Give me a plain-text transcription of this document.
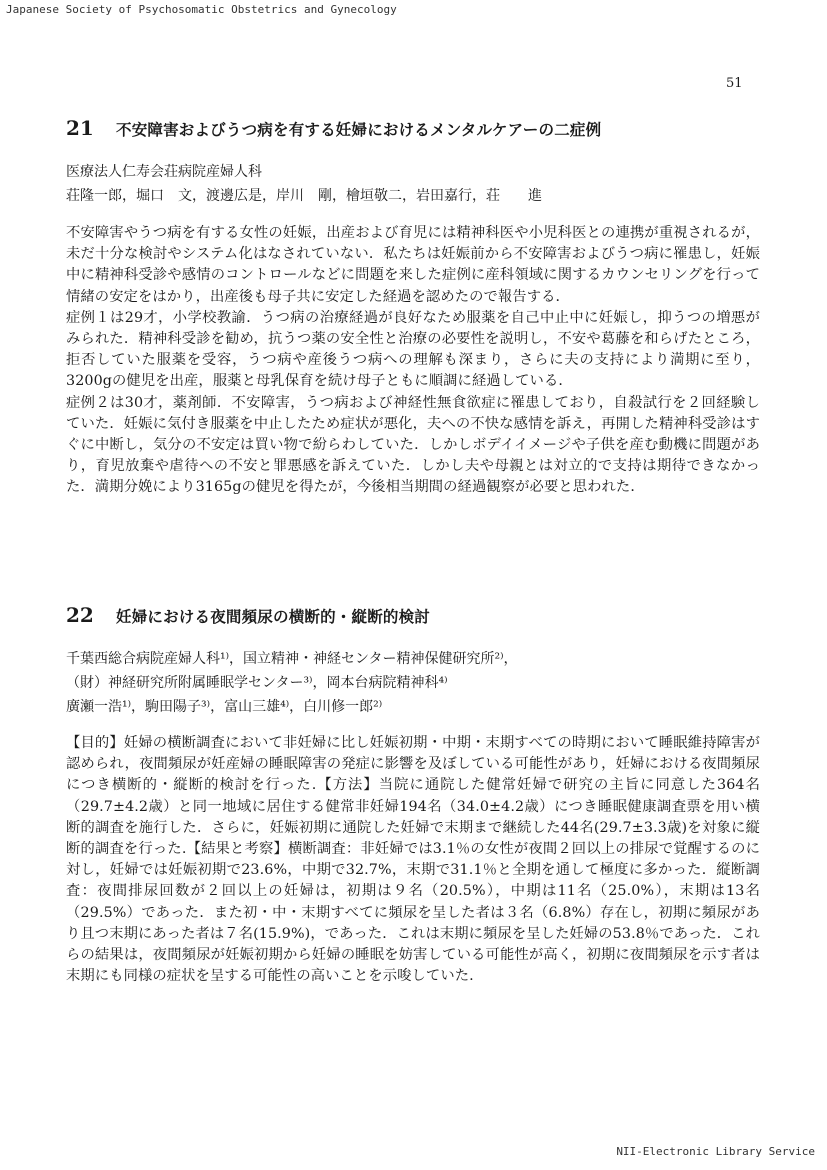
Japanese Society of Psychosomatic Obstetrics and Gynecology
51
21	不安障害およびうつ病を有する妊婦におけるメンタルケアーの二症例

医療法人仁寿会荘病院産婦人科

荘隆一郎，堀口　文，渡邊広是，岸川　剛，檜垣敬二，岩田嘉行，荘　　進

不安障害やうつ病を有する女性の妊娠，出産および育児には精神科医や小児科医との連携が重視されるが，未だ十分な検討やシステム化はなされていない．私たちは妊娠前から不安障害およびうつ病に罹患し，妊娠中に精神科受診や感情のコントロールなどに問題を来した症例に産科領域に関するカウンセリングを行って情緒の安定をはかり，出産後も母子共に安定した経過を認めたので報告する．

症例１は29才，小学校教諭．うつ病の治療経過が良好なため服薬を自己中止中に妊娠し，抑うつの増悪がみられた．精神科受診を勧め，抗うつ薬の安全性と治療の必要性を説明し，不安や葛藤を和らげたところ，拒否していた服薬を受容，うつ病や産後うつ病への理解も深まり，さらに夫の支持により満期に至り，3200gの健児を出産，服薬と母乳保育を続け母子ともに順調に経過している．

症例２は30才，薬剤師．不安障害，うつ病および神経性無食欲症に罹患しており，自殺試行を２回経験していた．妊娠に気付き服薬を中止したため症状が悪化，夫への不快な感情を訴え，再開した精神科受診はすぐに中断し，気分の不安定は買い物で紛らわしていた．しかしボデイイメージや子供を産む動機に問題があり，育児放棄や虐待への不安と罪悪感を訴えていた．しかし夫や母親とは対立的で支持は期待できなかった．満期分娩により3165gの健児を得たが，今後相当期間の経過観察が必要と思われた．

22	妊婦における夜間頻尿の横断的・縦断的検討

千葉西総合病院産婦人科¹⁾，国立精神・神経センター精神保健研究所²⁾，

（財）神経研究所附属睡眠学センター³⁾，岡本台病院精神科⁴⁾

廣瀬一浩¹⁾，駒田陽子³⁾，富山三雄⁴⁾，白川修一郎²⁾

【目的】妊婦の横断調査において非妊婦に比し妊娠初期・中期・末期すべての時期において睡眠維持障害が認められ，夜間頻尿が妊産婦の睡眠障害の発症に影響を及ぼしている可能性があり，妊婦における夜間頻尿につき横断的・縦断的検討を行った.【方法】当院に通院した健常妊婦で研究の主旨に同意した364名（29.7±4.2歳）と同一地域に居住する健常非妊婦194名（34.0±4.2歳）につき睡眠健康調査票を用い横断的調査を施行した．さらに，妊娠初期に通院した妊婦で末期まで継続した44名(29.7±3.3歳)を対象に縦断的調査を行った.【結果と考察】横断調査：非妊婦では3.1％の女性が夜間２回以上の排尿で覚醒するのに対し，妊婦では妊娠初期で23.6%，中期で32.7%，末期で31.1％と全期を通して極度に多かった．縦断調査：夜間排尿回数が２回以上の妊婦は，初期は９名（20.5%），中期は11名（25.0%），末期は13名（29.5%）であった．また初・中・末期すべてに頻尿を呈した者は３名（6.8%）存在し，初期に頻尿があり且つ末期にあった者は７名(15.9%)，であった．これは末期に頻尿を呈した妊婦の53.8％であった．これらの結果は，夜間頻尿が妊娠初期から妊婦の睡眠を妨害している可能性が高く，初期に夜間頻尿を示す者は末期にも同様の症状を呈する可能性の高いことを示唆していた.

NII-Electronic Library Service
